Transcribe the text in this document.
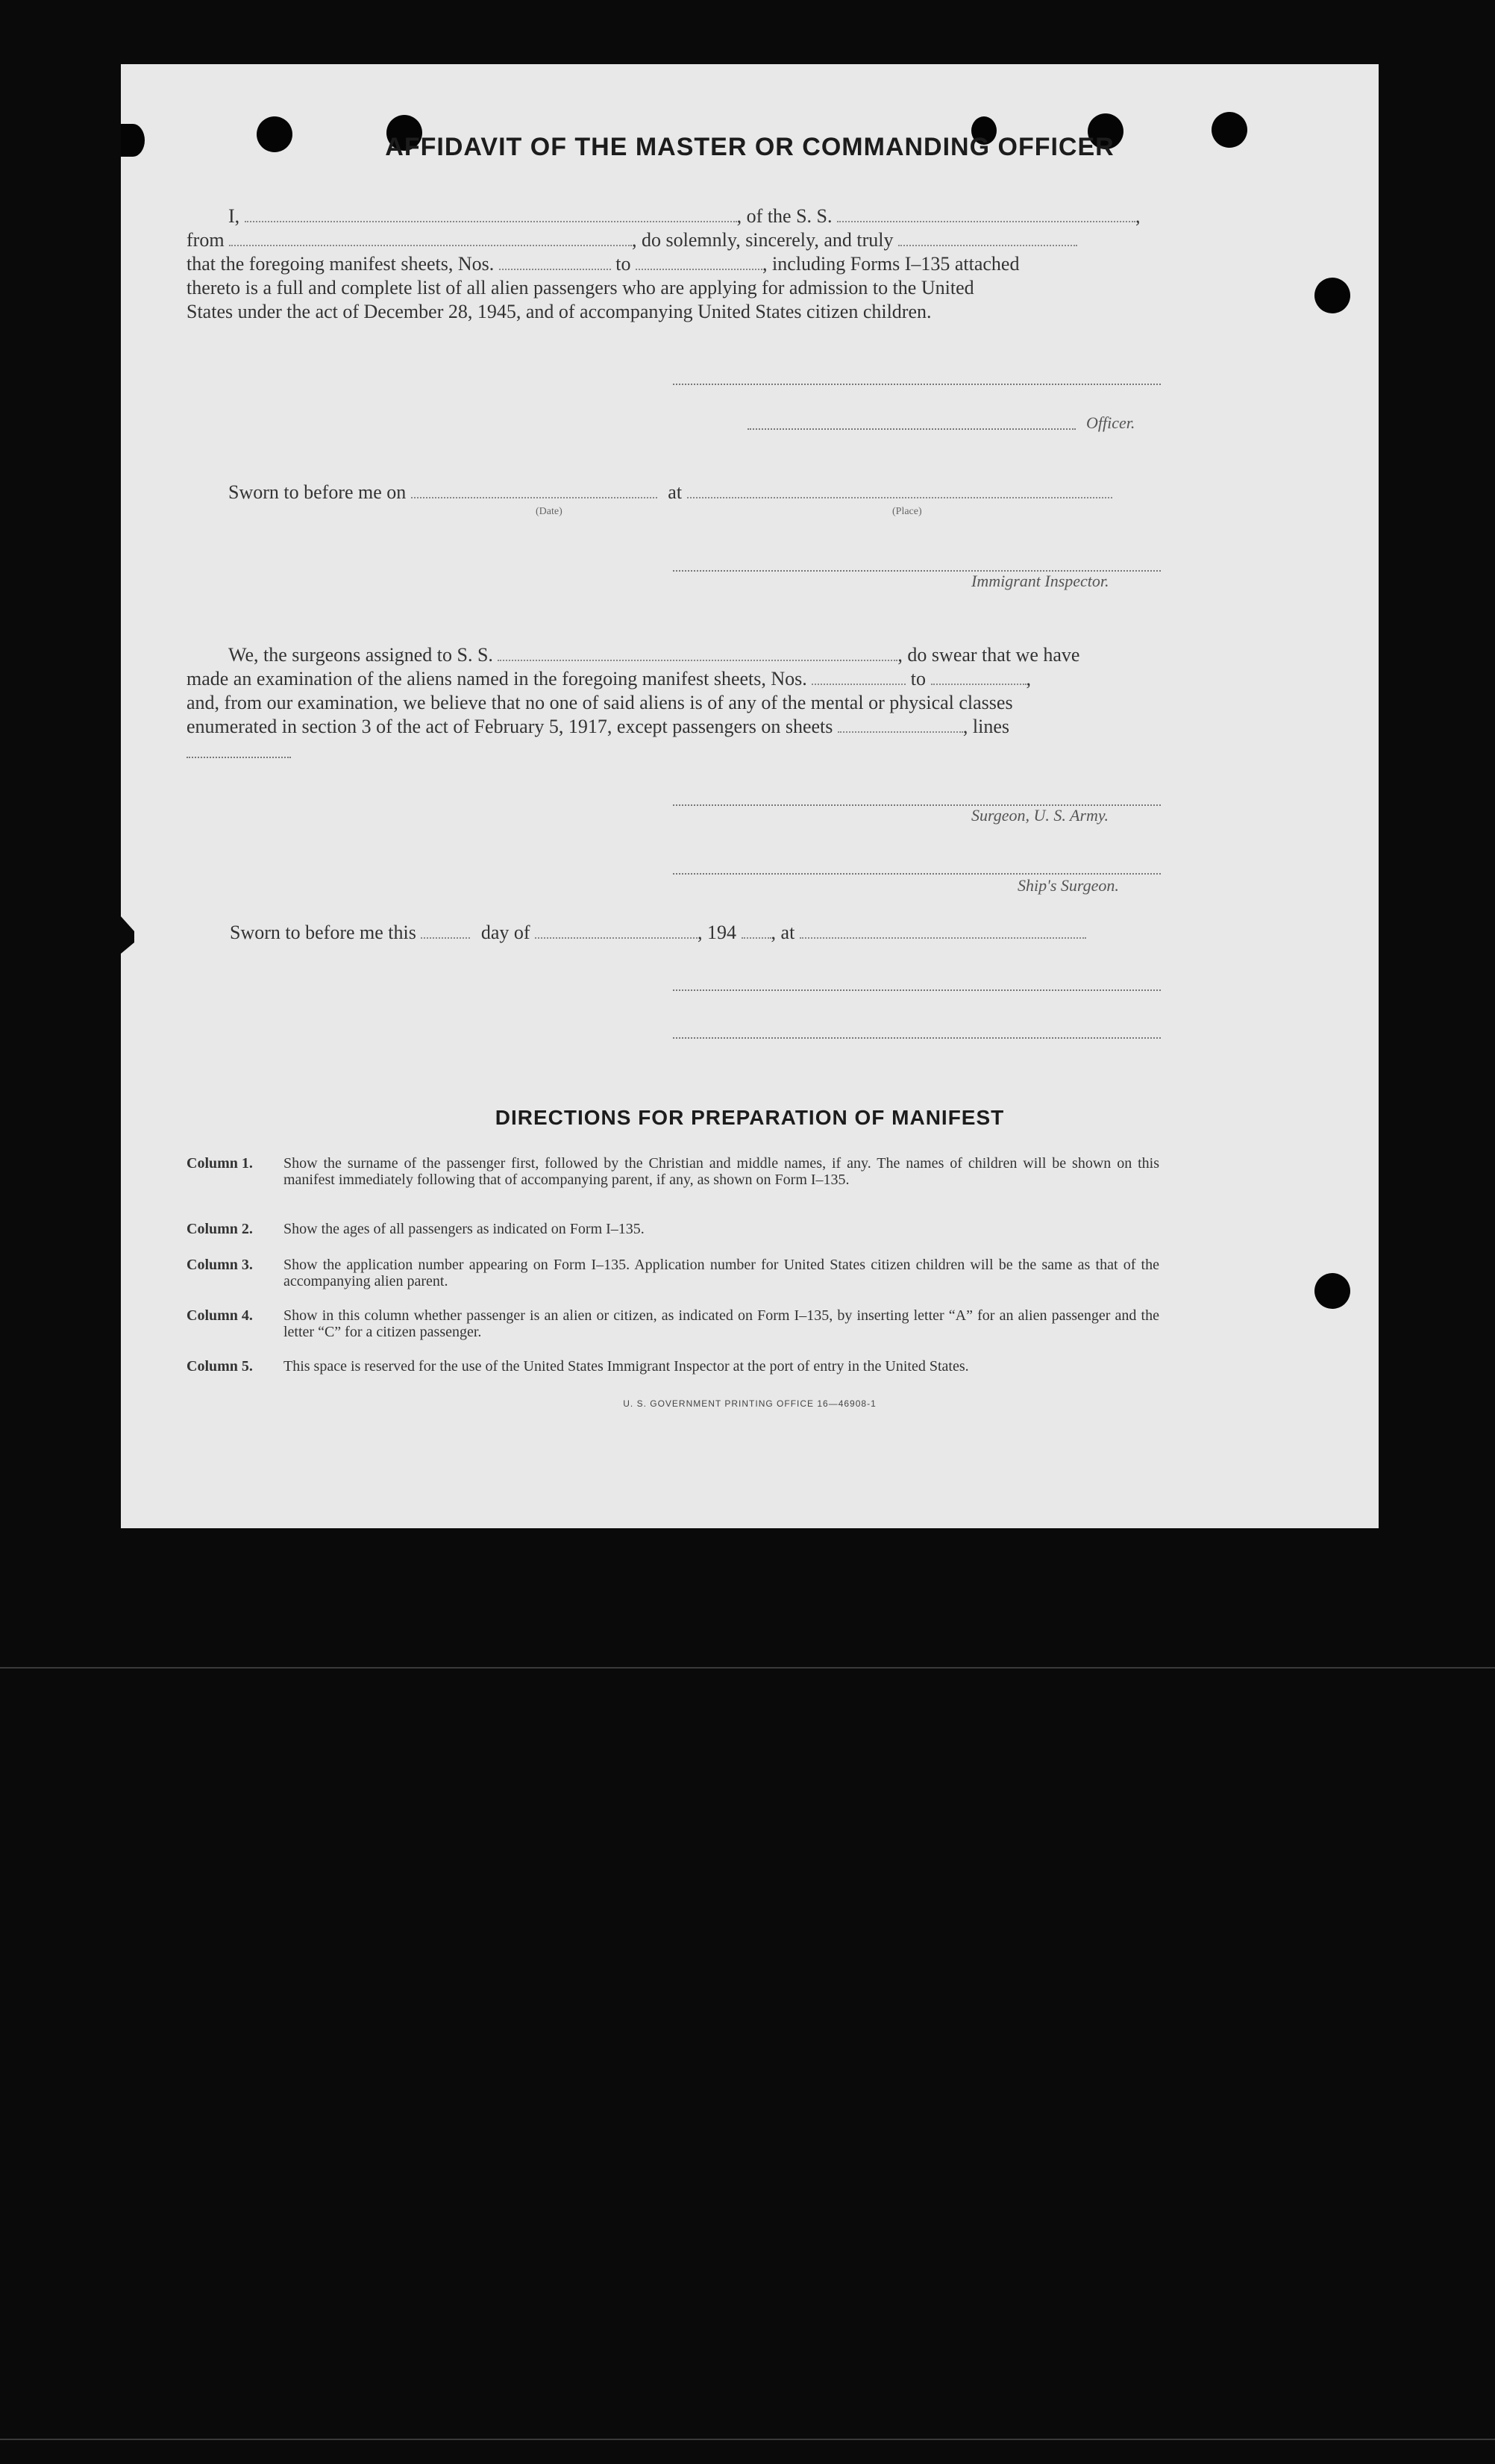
AFFIDAVIT OF THE MASTER OR COMMANDING OFFICER
I,	, of the S. S.	,
from	, do solemnly, sincerely, and truly
that the foregoing manifest sheets, Nos.	to	, including Forms I–135 attached
thereto is a full and complete list of all alien passengers who are applying for admission to the United
States under the act of December 28, 1945, and of accompanying United States citizen children.
Officer.
Sworn to before me on	at
(Date)	(Place)
Immigrant Inspector.
We, the surgeons assigned to S. S.	, do swear that we have
made an examination of the aliens named in the foregoing manifest sheets, Nos.	to	,
and, from our examination, we believe that no one of said aliens is of any of the mental or physical classes
enumerated in section 3 of the act of February 5, 1917, except passengers on sheets	, lines
Surgeon, U. S. Army.
Ship's Surgeon.
Sworn to before me this	day of	, 194 , at
DIRECTIONS FOR PREPARATION OF MANIFEST
Column 1.	Show the surname of the passenger first, followed by the Christian and middle names, if any. The names of children will be shown on this manifest immediately following that of accompanying parent, if any, as shown on Form I–135.
Column 2.	Show the ages of all passengers as indicated on Form I–135.
Column 3.	Show the application number appearing on Form I–135. Application number for United States citizen children will be the same as that of the accompanying alien parent.
Column 4.	Show in this column whether passenger is an alien or citizen, as indicated on Form I–135, by inserting letter “A” for an alien passenger and the letter “C” for a citizen passenger.
Column 5.	This space is reserved for the use of the United States Immigrant Inspector at the port of entry in the United States.
U. S. GOVERNMENT PRINTING OFFICE 16—46908-1
